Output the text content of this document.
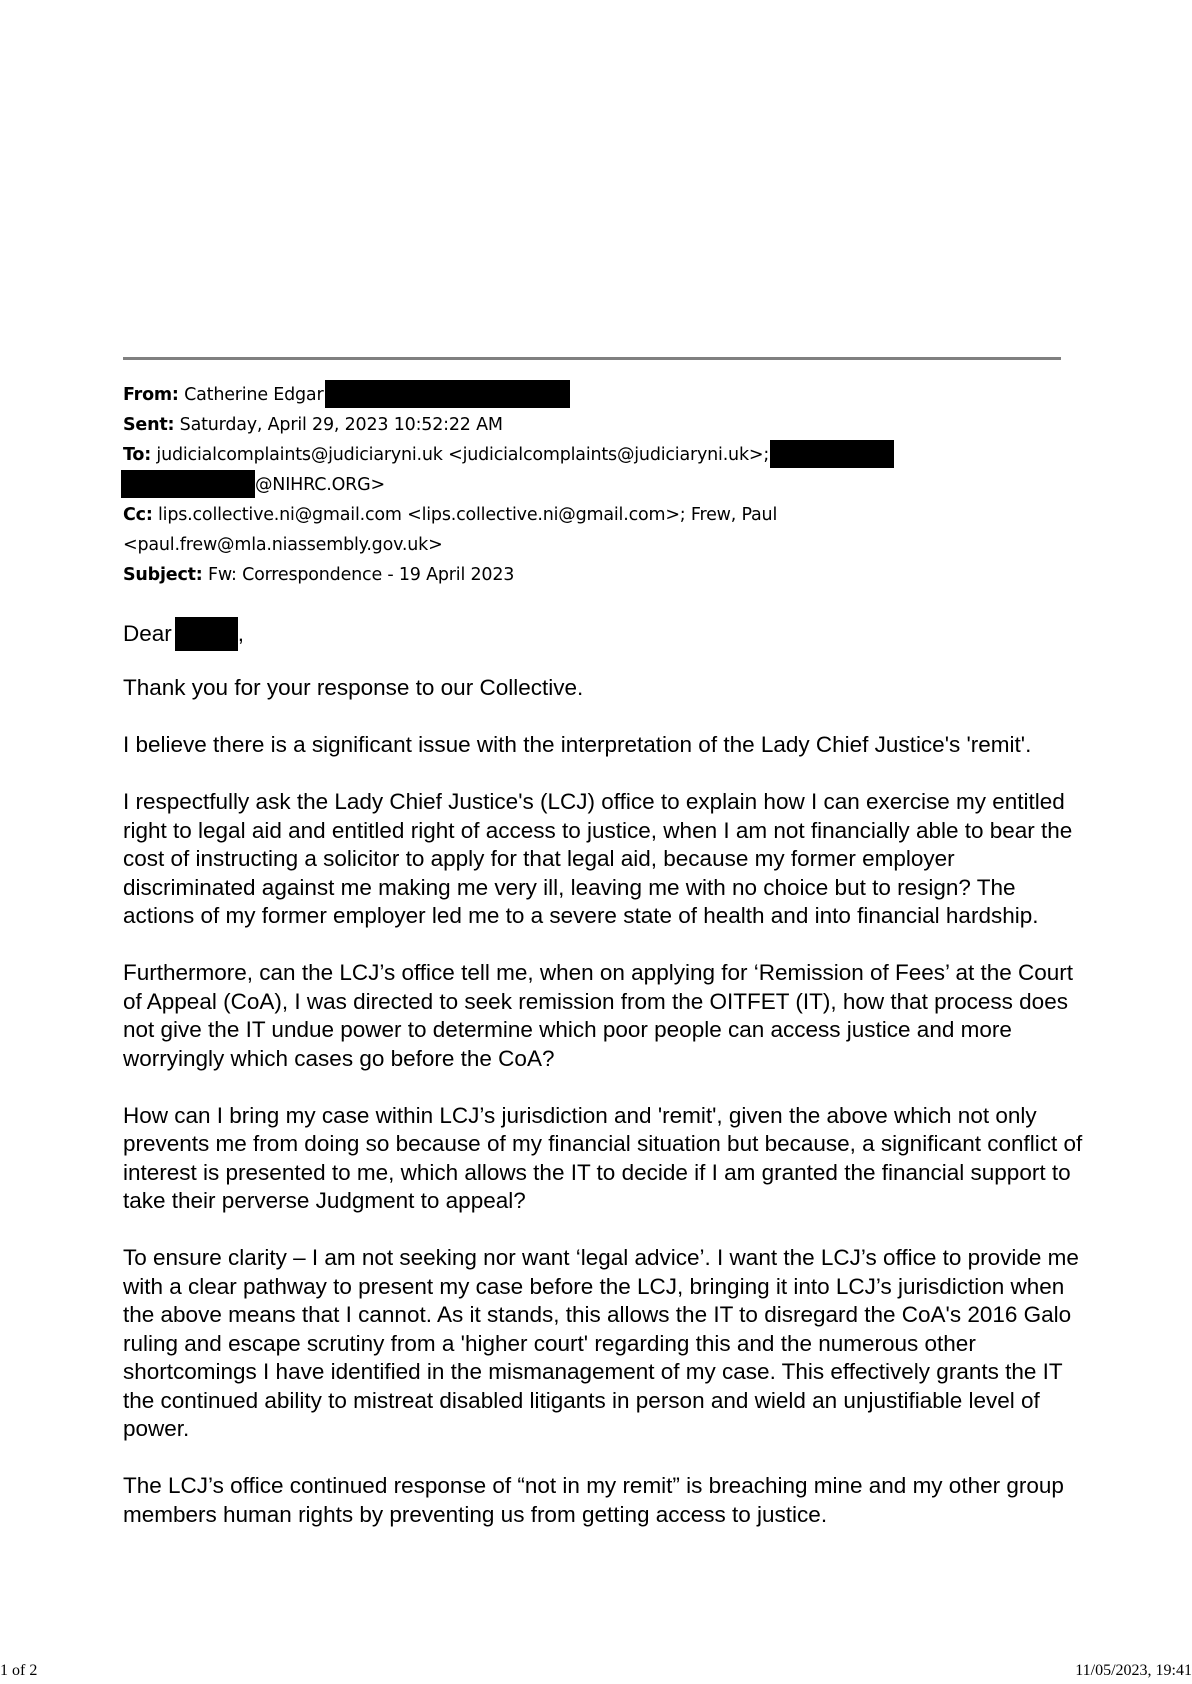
From: Catherine Edgar
Sent: Saturday, April 29, 2023 10:52:22 AM
To: judicialcomplaints@judiciaryni.uk <judicialcomplaints@judiciaryni.uk>;
@NIHRC.ORG>
Cc: lips.collective.ni@gmail.com <lips.collective.ni@gmail.com>; Frew, Paul
<paul.frew@mla.niassembly.gov.uk>
Subject: Fw: Correspondence - 19 April 2023
Dear	,

Thank you for your response to our Collective.

I believe there is a significant issue with the interpretation of the Lady Chief Justice's 'remit'.

I respectfully ask the Lady Chief Justice's (LCJ) office to explain how I can exercise my entitled right to legal aid and entitled right of access to justice, when I am not financially able to bear the cost of instructing a solicitor to apply for that legal aid, because my former employer discriminated against me making me very ill, leaving me with no choice but to resign? The actions of my former employer led me to a severe state of health and into financial hardship.

Furthermore, can the LCJ’s office tell me, when on applying for ‘Remission of Fees’ at the Court of Appeal (CoA), I was directed to seek remission from the OITFET (IT), how that process does not give the IT undue power to determine which poor people can access justice and more worryingly which cases go before the CoA?

How can I bring my case within LCJ’s jurisdiction and 'remit', given the above which not only prevents me from doing so because of my financial situation but because, a significant conflict of interest is presented to me, which allows the IT to decide if I am granted the financial support to take their perverse Judgment to appeal?

To ensure clarity – I am not seeking nor want ‘legal advice’. I want the LCJ’s office to provide me with a clear pathway to present my case before the LCJ, bringing it into LCJ’s jurisdiction when the above means that I cannot. As it stands, this allows the IT to disregard the CoA's 2016 Galo ruling and escape scrutiny from a 'higher court' regarding this and the numerous other shortcomings I have identified in the mismanagement of my case. This effectively grants the IT the continued ability to mistreat disabled litigants in person and wield an unjustifiable level of power.

The LCJ’s office continued response of “not in my remit” is breaching mine and my other group members human rights by preventing us from getting access to justice.

1 of 2	11/05/2023, 19:41
